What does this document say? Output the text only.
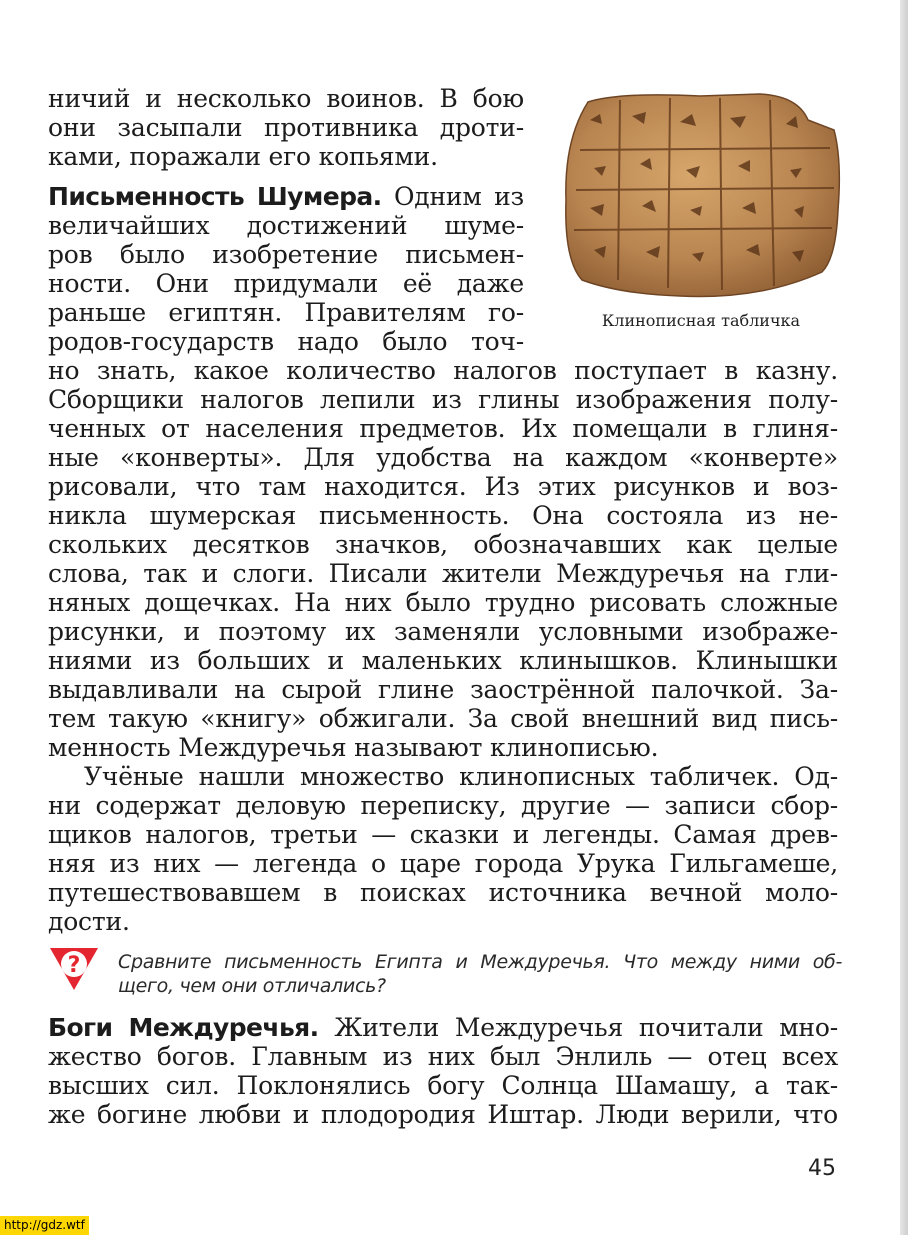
ничий и несколько воинов. В бою
они засыпали противника дроти-
ками, поражали его копьями.
Письменность Шумера. Одним из
величайших достижений шуме-
ров было изобретение письмен-
ности. Они придумали её даже
раньше египтян. Правителям го-
родов-государств надо было точ-
но знать, какое количество налогов поступает в казну.
Сборщики налогов лепили из глины изображения полу-
ченных от населения предметов. Их помещали в глиня-
ные «конверты». Для удобства на каждом «конверте»
рисовали, что там находится. Из этих рисунков и воз-
никла шумерская письменность. Она состояла из не-
скольких десятков значков, обозначавших как целые
слова, так и слоги. Писали жители Междуречья на гли-
няных дощечках. На них было трудно рисовать сложные
рисунки, и поэтому их заменяли условными изображе-
ниями из больших и маленьких клинышков. Клинышки
выдавливали на сырой глине заострённой палочкой. За-
тем такую «книгу» обжигали. За свой внешний вид пись-
менность Междуречья называют клинописью.
Учёные нашли множество клинописных табличек. Од-
ни содержат деловую переписку, другие — записи сбор-
щиков налогов, третьи — сказки и легенды. Самая древ-
няя из них — легенда о царе города Урука Гильгамеше,
путешествовавшем в поисках источника вечной моло-
дости.
? Сравните письменность Египта и Междуречья. Что между ними об-
щего, чем они отличались?
Боги Междуречья. Жители Междуречья почитали мно-
жество богов. Главным из них был Энлиль — отец всех
высших сил. Поклонялись богу Солнца Шамашу, а так-
же богине любви и плодородия Иштар. Люди верили, что
Клинописная табличка
45
http://gdz.wtf
